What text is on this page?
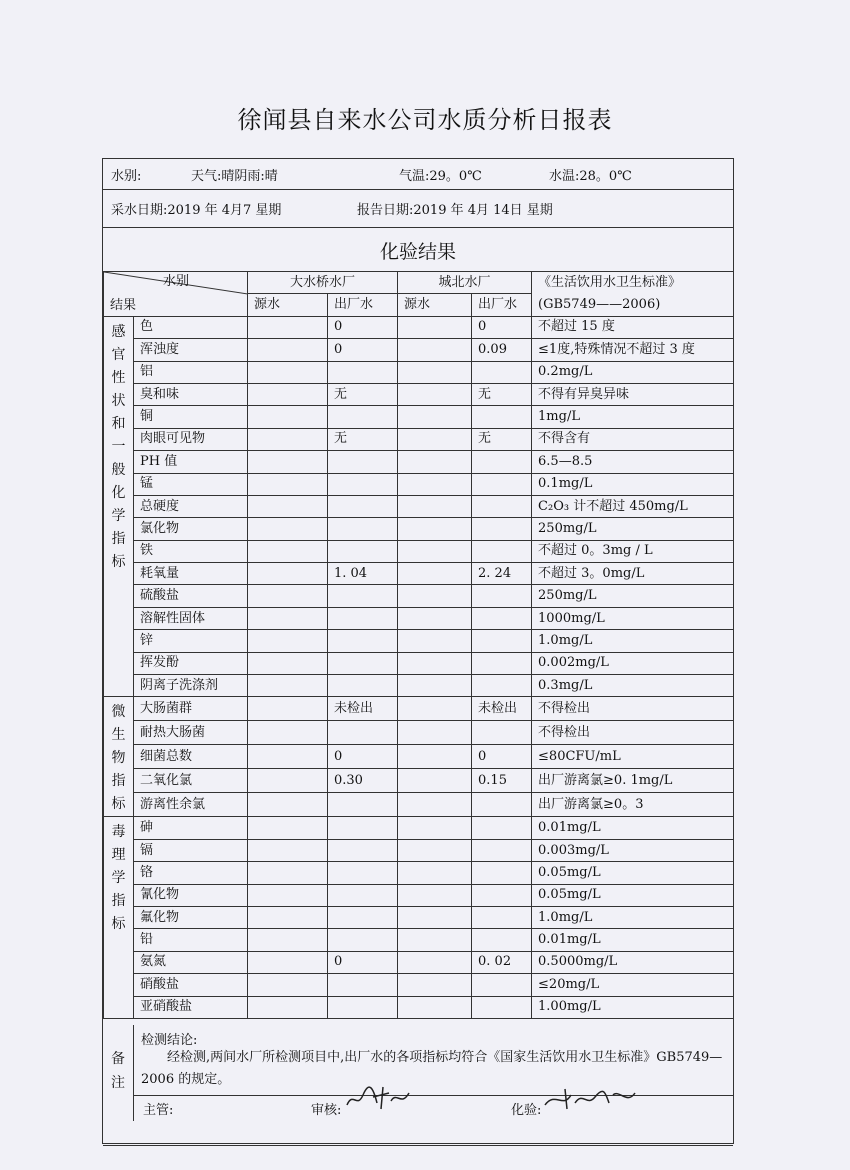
徐闻县自来水公司水质分析日报表
水别:	天气:晴阴雨:晴	气温:29。0℃	水温:28。0℃
采水日期:2019 年 4月7 星期	报告日期:2019 年 4月 14日 星期
化验结果
水别
结果		大水桥水厂		城北水厂		《生活饮用水卫生标准》
		源水	出厂水	源水	出厂水	(GB5749——2006)

感官性状和一般化学指标	色		0		0	不超过 15 度
	浑浊度		0		0.09	≤1度,特殊情况不超过 3 度
	铝					0.2mg/L
	臭和味		无		无	不得有异臭异味
	铜					1mg/L
	肉眼可见物		无		无	不得含有
	PH 值					6.5—8.5
	锰					0.1mg/L
	总硬度					C₂O₃ 计不超过 450mg/L
	氯化物					250mg/L
	铁					不超过 0。3mg / L
	耗氧量		1. 04		2. 24	不超过 3。0mg/L
	硫酸盐					250mg/L
	溶解性固体					1000mg/L
	锌					1.0mg/L
	挥发酚					0.002mg/L
	阴离子洗涤剂					0.3mg/L

微生物指标	大肠菌群		未检出		未检出	不得检出
	耐热大肠菌					不得检出
	细菌总数		0		0	≤80CFU/mL
	二氧化氯		0.30		0.15	出厂游离氯≥0. 1mg/L
	游离性余氯					出厂游离氯≥0。3

毒理学指标	砷					0.01mg/L
	镉					0.003mg/L
	铬					0.05mg/L
	氰化物					0.05mg/L
	氟化物					1.0mg/L
	铅					0.01mg/L
	氨氮		0		0. 02	0.5000mg/L
	硝酸盐					≤20mg/L
	亚硝酸盐					1.00mg/L
备注
检测结论:
经检测,两间水厂所检测项目中,出厂水的各项指标均符合《国家生活饮用水卫生标准》GB5749—2006 的规定。
主管:	审核:	化验:
